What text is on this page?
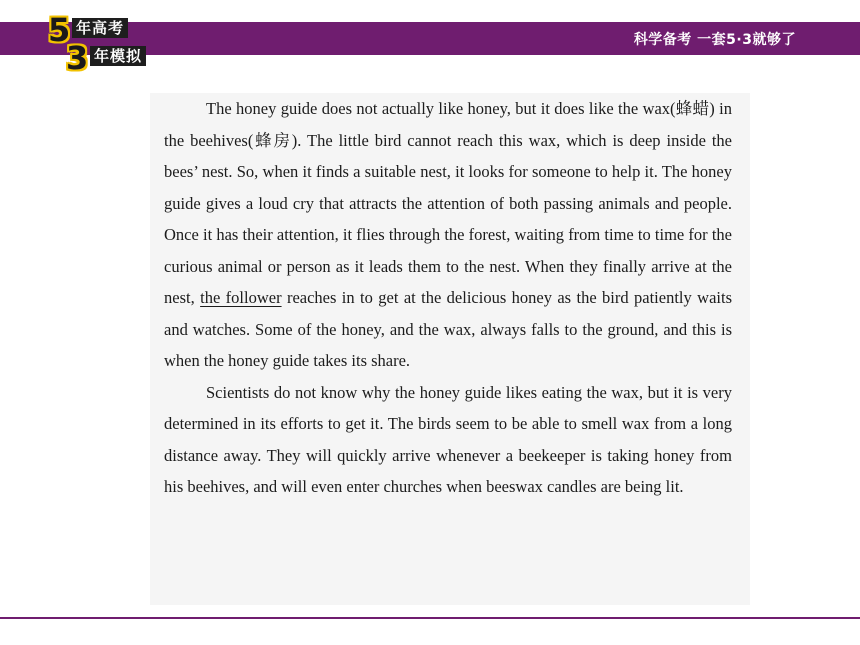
5 年高考
3 年模拟
科学备考 一套5·3就够了

The honey guide does not actually like honey, but it does like the wax(蜂蜡) in the beehives(蜂房). The little bird cannot reach this wax, which is deep inside the bees’ nest. So, when it finds a suitable nest, it looks for someone to help it. The honey guide gives a loud cry that attracts the attention of both passing animals and people. Once it has their attention, it flies through the forest, waiting from time to time for the curious animal or person as it leads them to the nest. When they finally arrive at the nest, the follower reaches in to get at the delicious honey as the bird patiently waits and watches. Some of the honey, and the wax, always falls to the ground, and this is when the honey guide takes its share.

Scientists do not know why the honey guide likes eating the wax, but it is very determined in its efforts to get it. The birds seem to be able to smell wax from a long distance away. They will quickly arrive whenever a beekeeper is taking honey from his beehives, and will even enter churches when beeswax candles are being lit.
